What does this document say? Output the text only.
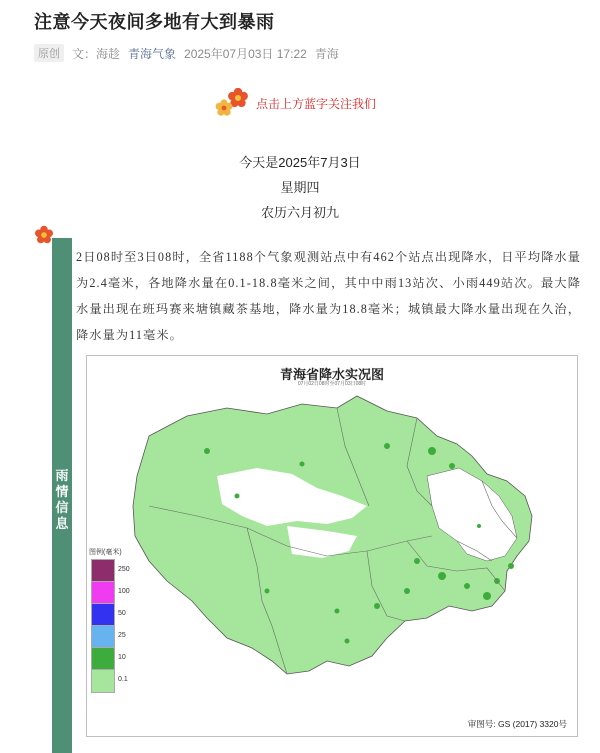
注意今天夜间多地有大到暴雨
原创	文：海趁 青海气象 2025年07月03日 17:22 青海
点击上方蓝字关注我们
今天是2025年7月3日
星期四
农历六月初九
雨情信息
2日08时至3日08时，全省1188个气象观测站点中有462个站点出现降水，日平均降水量为2.4毫米，各地降水量在0.1-18.8毫米之间，其中中雨13站次、小雨449站次。最大降水量出现在班玛赛来塘镇藏茶基地，降水量为18.8毫米；城镇最大降水量出现在久治，降水量为11毫米。
青海省降水实况图
07月02日08时至07月03日08时
图例(毫米)
250
100
50
25
10
0.1
审图号: GS (2017) 3320号
